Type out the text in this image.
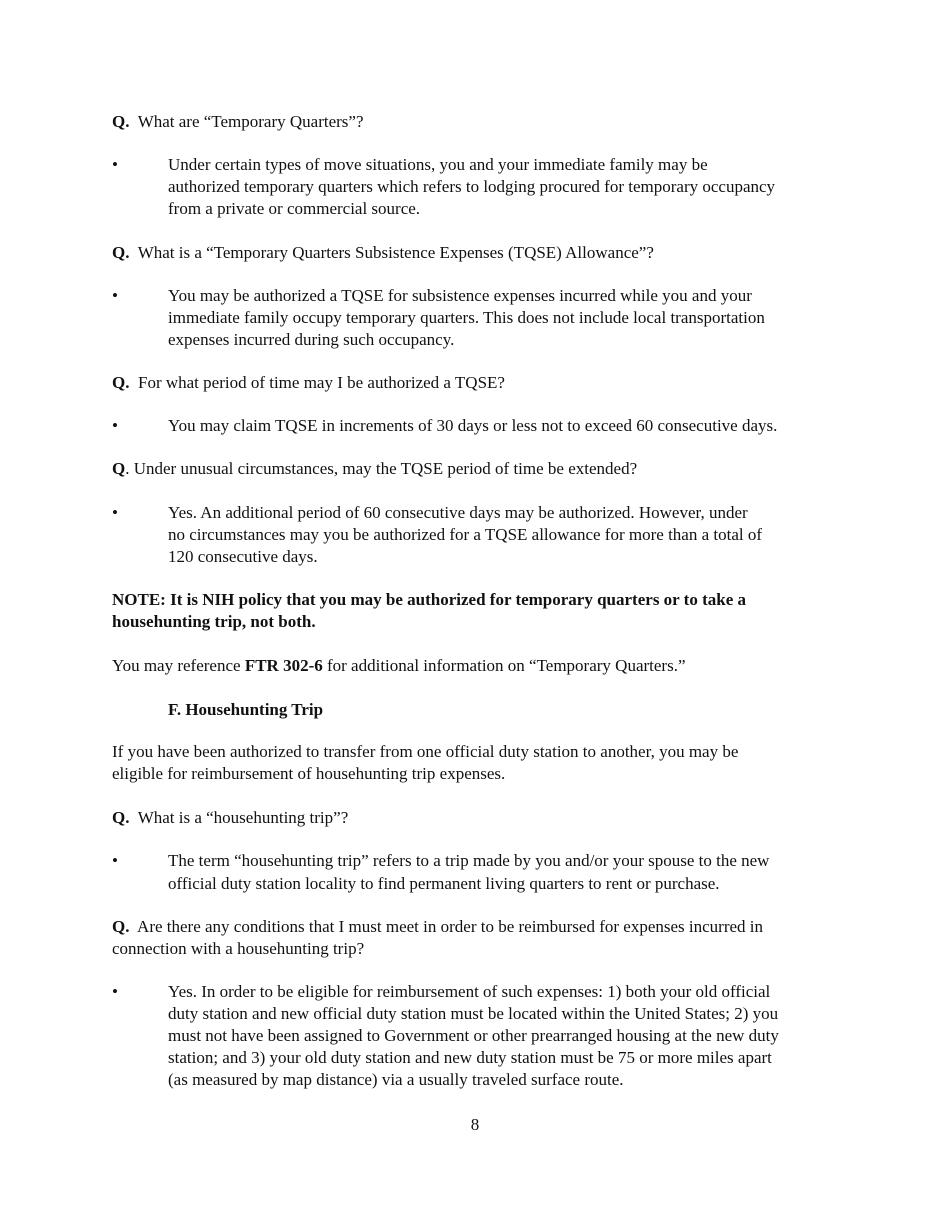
Q. What are “Temporary Quarters”?
•	Under certain types of move situations, you and your immediate family may be
authorized temporary quarters which refers to lodging procured for temporary occupancy
from a private or commercial source.
Q. What is a “Temporary Quarters Subsistence Expenses (TQSE) Allowance”?
•	You may be authorized a TQSE for subsistence expenses incurred while you and your
immediate family occupy temporary quarters. This does not include local transportation
expenses incurred during such occupancy.
Q. For what period of time may I be authorized a TQSE?
•	You may claim TQSE in increments of 30 days or less not to exceed 60 consecutive days.
Q. Under unusual circumstances, may the TQSE period of time be extended?
•	Yes. An additional period of 60 consecutive days may be authorized. However, under
no circumstances may you be authorized for a TQSE allowance for more than a total of
120 consecutive days.
NOTE: It is NIH policy that you may be authorized for temporary quarters or to take a
househunting trip, not both.
You may reference FTR 302-6 for additional information on “Temporary Quarters.”
F. Househunting Trip
If you have been authorized to transfer from one official duty station to another, you may be
eligible for reimbursement of househunting trip expenses.
Q. What is a “househunting trip”?
•	The term “househunting trip” refers to a trip made by you and/or your spouse to the new
official duty station locality to find permanent living quarters to rent or purchase.
Q. Are there any conditions that I must meet in order to be reimbursed for expenses incurred in
connection with a househunting trip?
•	Yes. In order to be eligible for reimbursement of such expenses: 1) both your old official
duty station and new official duty station must be located within the United States; 2) you
must not have been assigned to Government or other prearranged housing at the new duty
station; and 3) your old duty station and new duty station must be 75 or more miles apart
(as measured by map distance) via a usually traveled surface route.
8
